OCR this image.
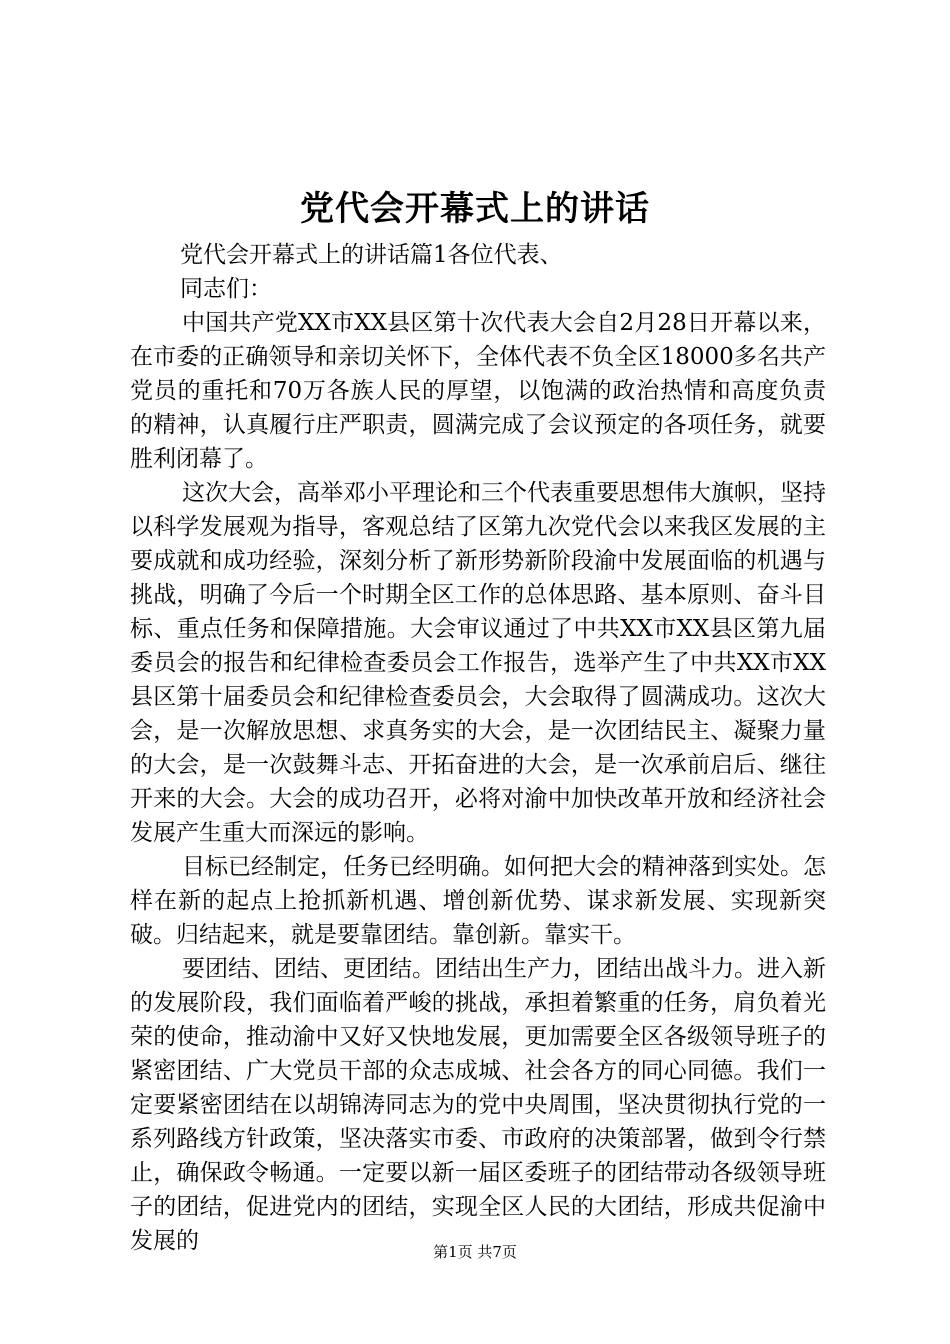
党代会开幕式上的讲话

党代会开幕式上的讲话篇1各位代表、

同志们：

中国共产党XX市XX县区第十次代表大会自2月28日开幕以来，在市委的正确领导和亲切关怀下，全体代表不负全区18000多名共产党员的重托和70万各族人民的厚望，以饱满的政治热情和高度负责的精神，认真履行庄严职责，圆满完成了会议预定的各项任务，就要胜利闭幕了。

这次大会，高举邓小平理论和三个代表重要思想伟大旗帜，坚持以科学发展观为指导，客观总结了区第九次党代会以来我区发展的主要成就和成功经验，深刻分析了新形势新阶段渝中发展面临的机遇与挑战，明确了今后一个时期全区工作的总体思路、基本原则、奋斗目标、重点任务和保障措施。大会审议通过了中共XX市XX县区第九届委员会的报告和纪律检查委员会工作报告，选举产生了中共XX市XX县区第十届委员会和纪律检查委员会，大会取得了圆满成功。这次大会，是一次解放思想、求真务实的大会，是一次团结民主、凝聚力量的大会，是一次鼓舞斗志、开拓奋进的大会，是一次承前启后、继往开来的大会。大会的成功召开，必将对渝中加快改革开放和经济社会发展产生重大而深远的影响。

目标已经制定，任务已经明确。如何把大会的精神落到实处。怎样在新的起点上抢抓新机遇、增创新优势、谋求新发展、实现新突破。归结起来，就是要靠团结。靠创新。靠实干。

要团结、团结、更团结。团结出生产力，团结出战斗力。进入新的发展阶段，我们面临着严峻的挑战，承担着繁重的任务，肩负着光荣的使命，推动渝中又好又快地发展，更加需要全区各级领导班子的紧密团结、广大党员干部的众志成城、社会各方的同心同德。我们一定要紧密团结在以胡锦涛同志为的党中央周围，坚决贯彻执行党的一系列路线方针政策，坚决落实市委、市政府的决策部署，做到令行禁止，确保政令畅通。一定要以新一届区委班子的团结带动各级领导班子的团结，促进党内的团结，实现全区人民的大团结，形成共促渝中发展的	第1页 共7页
